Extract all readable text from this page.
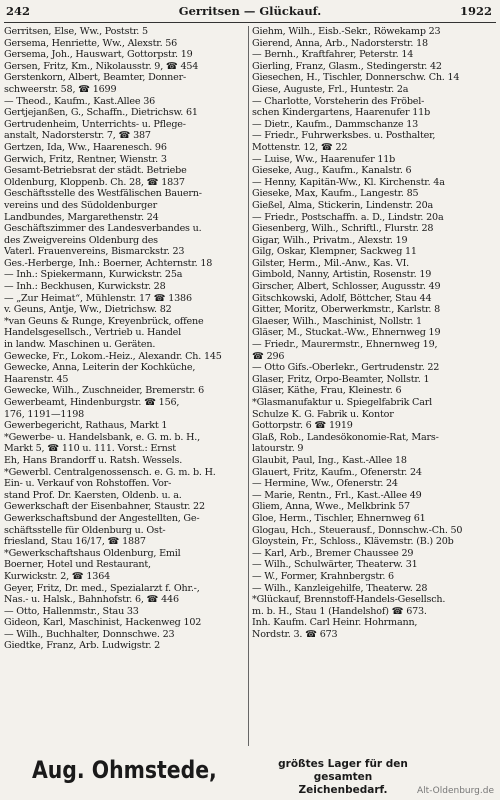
242	Gerritsen — Glückauf.	1922
Gerritsen, Else, Ww., Poststr. 5
Gersema, Henriette, Ww., Alexstr. 56
Gersema, Joh., Hauswart, Gottorpstr. 19
Gersen, Fritz, Km., Nikolausstr. 9, ☎ 454
Gerstenkorn, Albert, Beamter, Donner-
schweerstr. 58, ☎ 1699
— Theod., Kaufm., Kast.Allee 36
Gertjejanßen, G., Schaffn., Dietrichsw. 61
Gertrudenheim, Unterrichts- u. Pflege-
anstalt, Nadorsterstr. 7, ☎ 387
Gertzen, Ida, Ww., Haarenesch. 96
Gerwich, Fritz, Rentner, Wienstr. 3
Gesamt-Betriebsrat der städt. Betriebe
Oldenburg, Kloppenb. Ch. 28, ☎ 1837
Geschäftsstelle des Westfälischen Bauern-
vereins und des Südoldenburger
Landbundes, Margarethenstr. 24
Geschäftszimmer des Landesverbandes u.
des Zweigvereins Oldenburg des
Vaterl. Frauenvereins, Bismarckstr. 23
Ges.-Herberge, Inh.: Boerner, Achternstr. 18
— Inh.: Spiekermann, Kurwickstr. 25a
— Inh.: Beckhusen, Kurwickstr. 28
— „Zur Heimat“, Mühlenstr. 17 ☎ 1386
v. Geuns, Antje, Ww., Dietrichsw. 82
*van Geuns & Runge, Kreyenbrück, offene
Handelsgesellsch., Vertrieb u. Handel
in landw. Maschinen u. Geräten.
Gewecke, Fr., Lokom.-Heiz., Alexandr. Ch. 145
Gewecke, Anna, Leiterin der Kochküche,
Haarenstr. 45
Gewecke, Wilh., Zuschneider, Bremerstr. 6
Gewerbeamt, Hindenburgstr. ☎ 156,
176, 1191—1198
Gewerbegericht, Rathaus, Markt 1
*Gewerbe- u. Handelsbank, e. G. m. b. H.,
Markt 5, ☎ 110 u. 111. Vorst.: Ernst
Eh, Hans Brandorff u. Ratsh. Wessels.
*Gewerbl. Centralgenossensch. e. G. m. b. H.
Ein- u. Verkauf von Rohstoffen. Vor-
stand Prof. Dr. Kaersten, Oldenb. u. a.
Gewerkschaft der Eisenbahner, Staustr. 22
Gewerkschaftsbund der Angestellten, Ge-
schäftsstelle für Oldenburg u. Ost-
friesland, Stau 16/17, ☎ 1887
*Gewerkschaftshaus Oldenburg, Emil
Boerner, Hotel und Restaurant,
Kurwickstr. 2, ☎ 1364
Geyer, Fritz, Dr. med., Spezialarzt f. Ohr.-,
Nas.- u. Halsk., Bahnhofstr. 6, ☎ 446
— Otto, Hallenmstr., Stau 33
Gideon, Karl, Maschinist, Hackenweg 102
— Wilh., Buchhalter, Donnschwe. 23
Giedtke, Franz, Arb. Ludwigstr. 2
Giehm, Wilh., Eisb.-Sekr., Röwekamp 23
Gierend, Anna, Arb., Nadorsterstr. 18
— Bernh., Kraftfahrer, Peterstr. 14
Gierling, Franz, Glasm., Stedingerstr. 42
Giesechen, H., Tischler, Donnerschw. Ch. 14
Giese, Auguste, Frl., Huntestr. 2a
— Charlotte, Vorsteherin des Fröbel-
schen Kindergartens, Haarenufer 11b
— Dietr., Kaufm., Dammschanze 13
— Friedr., Fuhrwerksbes. u. Posthalter,
Mottenstr. 12, ☎ 22
— Luise, Ww., Haarenufer 11b
Gieseke, Aug., Kaufm., Kanalstr. 6
— Henny, Kapitän-Ww., Kl. Kirchenstr. 4a
Gieseke, Max, Kaufm., Langestr. 85
Gießel, Alma, Stickerin, Lindenstr. 20a
— Friedr., Postschaffn. a. D., Lindstr. 20a
Giesenberg, Wilh., Schriftl., Flurstr. 28
Gigar, Wilh., Privatm., Alexstr. 19
Gilg, Oskar, Klempner, Sackweg 11
Gilster, Herm., Mil.-Anw., Kas. VI.
Gimbold, Nanny, Artistin, Rosenstr. 19
Girscher, Albert, Schlosser, Augusstr. 49
Gitschkowski, Adolf, Böttcher, Stau 44
Gitter, Moritz, Oberwerkmstr., Karlstr. 8
Glaeser, Wilh., Maschinist, Nollstr. 1
Gläser, M., Stuckat.-Ww., Ehnernweg 19
— Friedr., Maurermstr., Ehnernweg 19,
☎ 296
— Otto Gifs.-Oberlekr., Gertrudenstr. 22
Glaser, Fritz, Orpo-Beamter, Nollstr. 1
Gläser, Käthe, Frau, Kleinestr. 6
*Glasmanufaktur u. Spiegelfabrik Carl
Schulze K. G. Fabrik u. Kontor
Gottorpstr. 6 ☎ 1919
Glaß, Rob., Landesökonomie-Rat, Mars-
latourstr. 9
Glaubit, Paul, Ing., Kast.-Allee 18
Glauert, Fritz, Kaufm., Ofenerstr. 24
— Hermine, Ww., Ofenerstr. 24
— Marie, Rentn., Frl., Kast.-Allee 49
Gliem, Anna, Wwe., Melkbrink 57
Gloe, Herm., Tischler, Ehnernweg 61
Glogau, Hch., Steuerausf., Donnschw.-Ch. 50
Gloystein, Fr., Schloss., Klävemstr. (B.) 20b
— Karl, Arb., Bremer Chaussee 29
— Wilh., Schulwärter, Theaterw. 31
— W., Former, Krahnbergstr. 6
— Wilh., Kanzleigehilfe, Theaterw. 28
*Glückauf, Brennstoff-Handels-Gesellsch.
m. b. H., Stau 1 (Handelshof) ☎ 673.
Inh. Kaufm. Carl Heinr. Hohrmann,
Nordstr. 3. ☎ 673
Aug. Ohmstede,	größtes Lager für den gesamten
Zeichenbedarf.	Alt-Oldenburg.de
